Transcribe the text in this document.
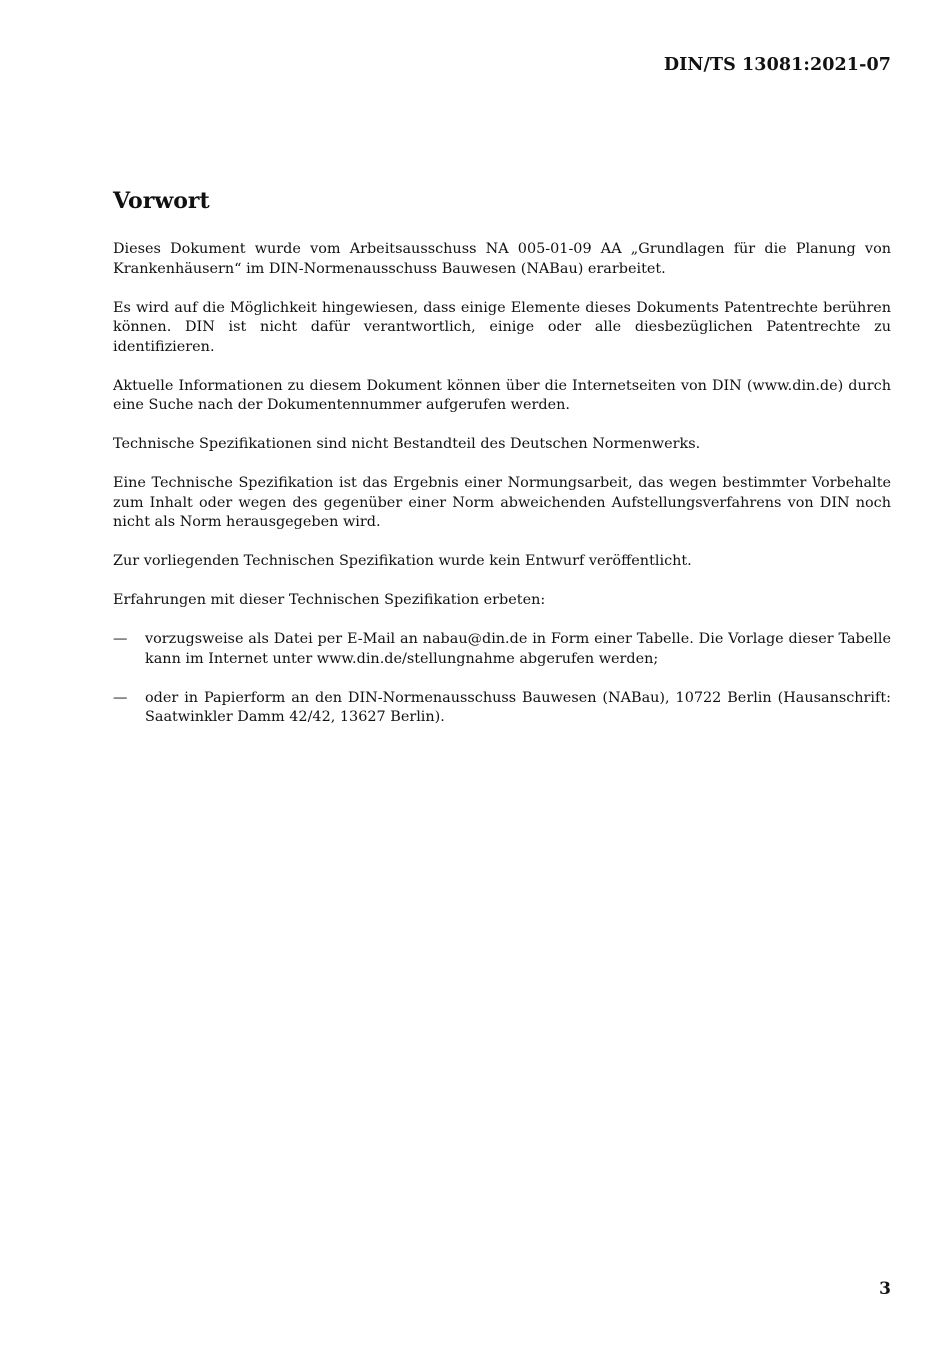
DIN/TS 13081:2021-07
Vorwort

Dieses Dokument wurde vom Arbeitsausschuss NA 005-01-09 AA „Grundlagen für die Planung von Krankenhäusern“ im DIN-Normenausschuss Bauwesen (NABau) erarbeitet.

Es wird auf die Möglichkeit hingewiesen, dass einige Elemente dieses Dokuments Patentrechte berühren können. DIN ist nicht dafür verantwortlich, einige oder alle diesbezüglichen Patentrechte zu identifizieren.

Aktuelle Informationen zu diesem Dokument können über die Internetseiten von DIN (www.din.de) durch eine Suche nach der Dokumentennummer aufgerufen werden.

Technische Spezifikationen sind nicht Bestandteil des Deutschen Normenwerks.

Eine Technische Spezifikation ist das Ergebnis einer Normungsarbeit, das wegen bestimmter Vorbehalte zum Inhalt oder wegen des gegenüber einer Norm abweichenden Aufstellungsverfahrens von DIN noch nicht als Norm herausgegeben wird.

Zur vorliegenden Technischen Spezifikation wurde kein Entwurf veröffentlicht.

Erfahrungen mit dieser Technischen Spezifikation erbeten:

—	vorzugsweise als Datei per E-Mail an nabau@din.de in Form einer Tabelle. Die Vorlage dieser Tabelle kann im Internet unter www.din.de/stellungnahme abgerufen werden;
—	oder in Papierform an den DIN-Normenausschuss Bauwesen (NABau), 10722 Berlin (Hausanschrift: Saatwinkler Damm 42/42, 13627 Berlin).
3
